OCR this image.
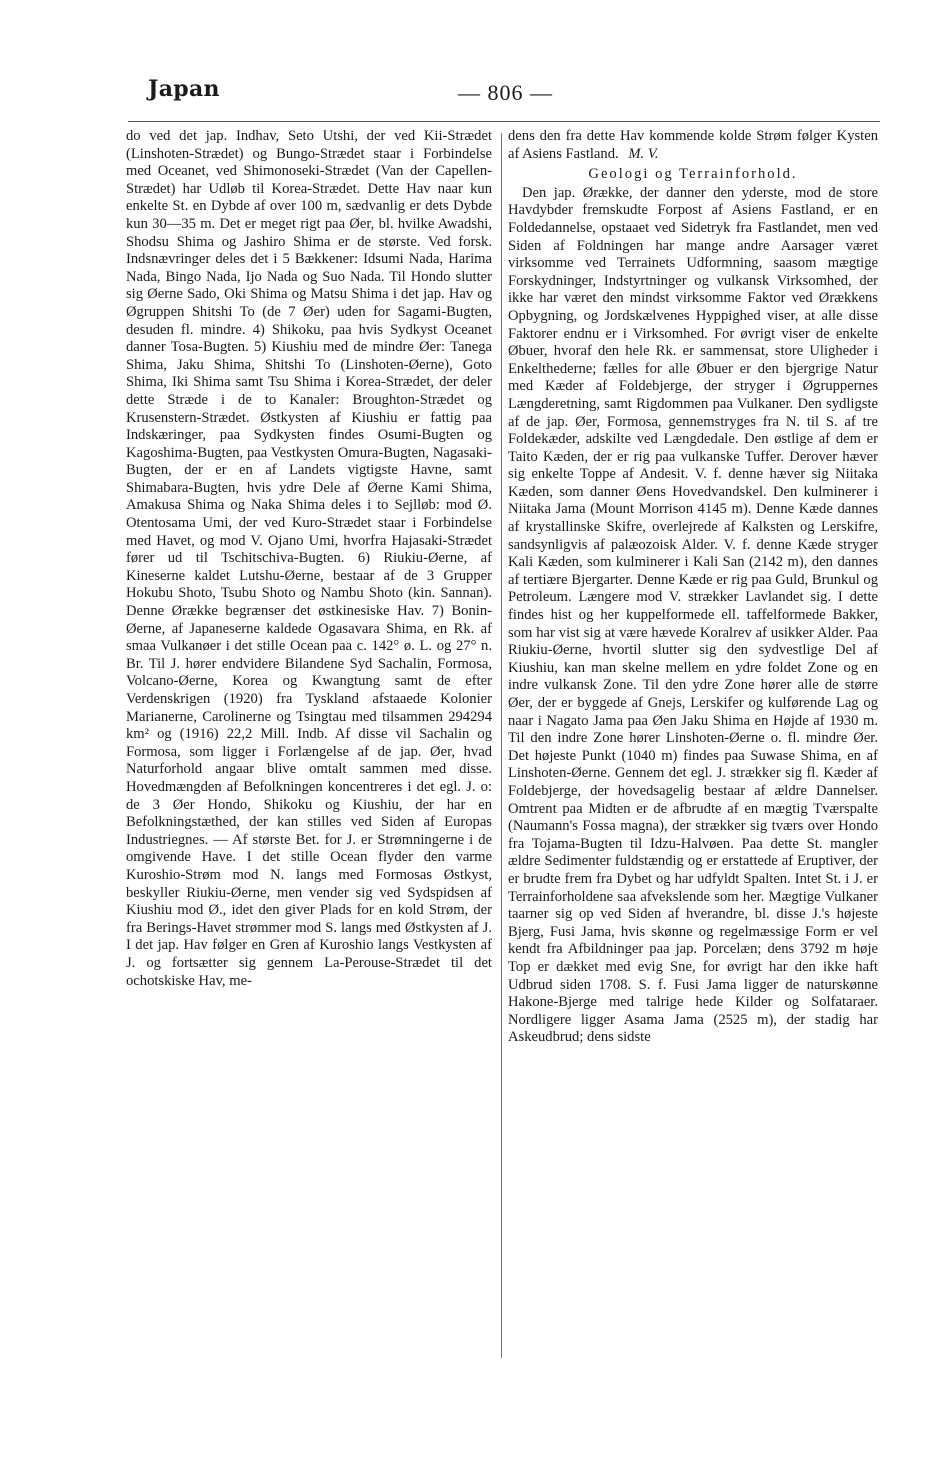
Japan	— 806 —

do ved det jap. Indhav, Seto Utshi, der ved Kii-Strædet (Linshoten-Strædet) og Bungo-Strædet staar i Forbindelse med Oceanet, ved Shimonoseki-Strædet (Van der Capellen-Strædet) har Udløb til Korea-Strædet. Dette Hav naar kun enkelte St. en Dybde af over 100 m, sædvanlig er dets Dybde kun 30—35 m. Det er meget rigt paa Øer, bl. hvilke Awadshi, Shodsu Shima og Jashiro Shima er de største. Ved forsk. Indsnævringer deles det i 5 Bækkener: Idsumi Nada, Harima Nada, Bingo Nada, Ijo Nada og Suo Nada. Til Hondo slutter sig Øerne Sado, Oki Shima og Matsu Shima i det jap. Hav og Øgruppen Shitshi To (de 7 Øer) uden for Sagami-Bugten, desuden fl. mindre. 4) Shikoku, paa hvis Sydkyst Oceanet danner Tosa-Bugten. 5) Kiushiu med de mindre Øer: Tanega Shima, Jaku Shima, Shitshi To (Linshoten-Øerne), Goto Shima, Iki Shima samt Tsu Shima i Korea-Strædet, der deler dette Stræde i de to Kanaler: Broughton-Strædet og Krusenstern-Strædet. Østkysten af Kiushiu er fattig paa Indskæringer, paa Sydkysten findes Osumi-Bugten og Kagoshima-Bugten, paa Vestkysten Omura-Bugten, Nagasaki-Bugten, der er en af Landets vigtigste Havne, samt Shimabara-Bugten, hvis ydre Dele af Øerne Kami Shima, Amakusa Shima og Naka Shima deles i to Sejlløb: mod Ø. Otentosama Umi, der ved Kuro-Strædet staar i Forbindelse med Havet, og mod V. Ojano Umi, hvorfra Hajasaki-Strædet fører ud til Tschitschiva-Bugten. 6) Riukiu-Øerne, af Kineserne kaldet Lutshu-Øerne, bestaar af de 3 Grupper Hokubu Shoto, Tsubu Shoto og Nambu Shoto (kin. Sannan). Denne Ørække begrænser det østkinesiske Hav. 7) Bonin-Øerne, af Japaneserne kaldede Ogasavara Shima, en Rk. af smaa Vulkanøer i det stille Ocean paa c. 142° ø. L. og 27° n. Br. Til J. hører endvidere Bilandene Syd Sachalin, Formosa, Volcano-Øerne, Korea og Kwangtung samt de efter Verdenskrigen (1920) fra Tyskland afstaaede Kolonier Marianerne, Carolinerne og Tsingtau med tilsammen 294294 km² og (1916) 22,2 Mill. Indb. Af disse vil Sachalin og Formosa, som ligger i Forlængelse af de jap. Øer, hvad Naturforhold angaar blive omtalt sammen med disse. Hovedmængden af Befolkningen koncentreres i det egl. J. o: de 3 Øer Hondo, Shikoku og Kiushiu, der har en Befolkningstæthed, der kan stilles ved Siden af Europas Industriegnes. — Af største Bet. for J. er Strømningerne i de omgivende Have. I det stille Ocean flyder den varme Kuroshio-Strøm mod N. langs med Formosas Østkyst, beskyller Riukiu-Øerne, men vender sig ved Sydspidsen af Kiushiu mod Ø., idet den giver Plads for en kold Strøm, der fra Berings-Havet strømmer mod S. langs med Østkysten af J. I det jap. Hav følger en Gren af Kuroshio langs Vestkysten af J. og fortsætter sig gennem La-Perouse-Strædet til det ochotskiske Hav, me-

dens den fra dette Hav kommende kolde Strøm følger Kysten af Asiens Fastland. M. V.

Geologi og Terrainforhold.

Den jap. Ørække, der danner den yderste, mod de store Havdybder fremskudte Forpost af Asiens Fastland, er en Foldedannelse, opstaaet ved Sidetryk fra Fastlandet, men ved Siden af Foldningen har mange andre Aarsager været virksomme ved Terrainets Udformning, saasom mægtige Forskydninger, Indstyrtninger og vulkansk Virksomhed, der ikke har været den mindst virksomme Faktor ved Ørækkens Opbygning, og Jordskælvenes Hyppighed viser, at alle disse Faktorer endnu er i Virksomhed. For øvrigt viser de enkelte Øbuer, hvoraf den hele Rk. er sammensat, store Uligheder i Enkelthederne; fælles for alle Øbuer er den bjergrige Natur med Kæder af Foldebjerge, der stryger i Øgruppernes Længderetning, samt Rigdommen paa Vulkaner. Den sydligste af de jap. Øer, Formosa, gennemstryges fra N. til S. af tre Foldekæder, adskilte ved Længdedale. Den østlige af dem er Taito Kæden, der er rig paa vulkanske Tuffer. Derover hæver sig enkelte Toppe af Andesit. V. f. denne hæver sig Niitaka Kæden, som danner Øens Hovedvandskel. Den kulminerer i Niitaka Jama (Mount Morrison 4145 m). Denne Kæde dannes af krystallinske Skifre, overlejrede af Kalksten og Lerskifre, sandsynligvis af palæozoisk Alder. V. f. denne Kæde stryger Kali Kæden, som kulminerer i Kali San (2142 m), den dannes af tertiære Bjergarter. Denne Kæde er rig paa Guld, Brunkul og Petroleum. Længere mod V. strækker Lavlandet sig. I dette findes hist og her kuppelformede ell. taffelformede Bakker, som har vist sig at være hævede Koralrev af usikker Alder. Paa Riukiu-Øerne, hvortil slutter sig den sydvestlige Del af Kiushiu, kan man skelne mellem en ydre foldet Zone og en indre vulkansk Zone. Til den ydre Zone hører alle de større Øer, der er byggede af Gnejs, Lerskifer og kulførende Lag og naar i Nagato Jama paa Øen Jaku Shima en Højde af 1930 m. Til den indre Zone hører Linshoten-Øerne o. fl. mindre Øer. Det højeste Punkt (1040 m) findes paa Suwase Shima, en af Linshoten-Øerne. Gennem det egl. J. strækker sig fl. Kæder af Foldebjerge, der hovedsagelig bestaar af ældre Dannelser. Omtrent paa Midten er de afbrudte af en mægtig Tværspalte (Naumann's Fossa magna), der strækker sig tværs over Hondo fra Tojama-Bugten til Idzu-Halvøen. Paa dette St. mangler ældre Sedimenter fuldstændig og er erstattede af Eruptiver, der er brudte frem fra Dybet og har udfyldt Spalten. Intet St. i J. er Terrainforholdene saa afvekslende som her. Mægtige Vulkaner taarner sig op ved Siden af hverandre, bl. disse J.'s højeste Bjerg, Fusi Jama, hvis skønne og regelmæssige Form er vel kendt fra Afbildninger paa jap. Porcelæn; dens 3792 m høje Top er dækket med evig Sne, for øvrigt har den ikke haft Udbrud siden 1708. S. f. Fusi Jama ligger de naturskønne Hakone-Bjerge med talrige hede Kilder og Solfataraer. Nordligere ligger Asama Jama (2525 m), der stadig har Askeudbrud; dens sidste
